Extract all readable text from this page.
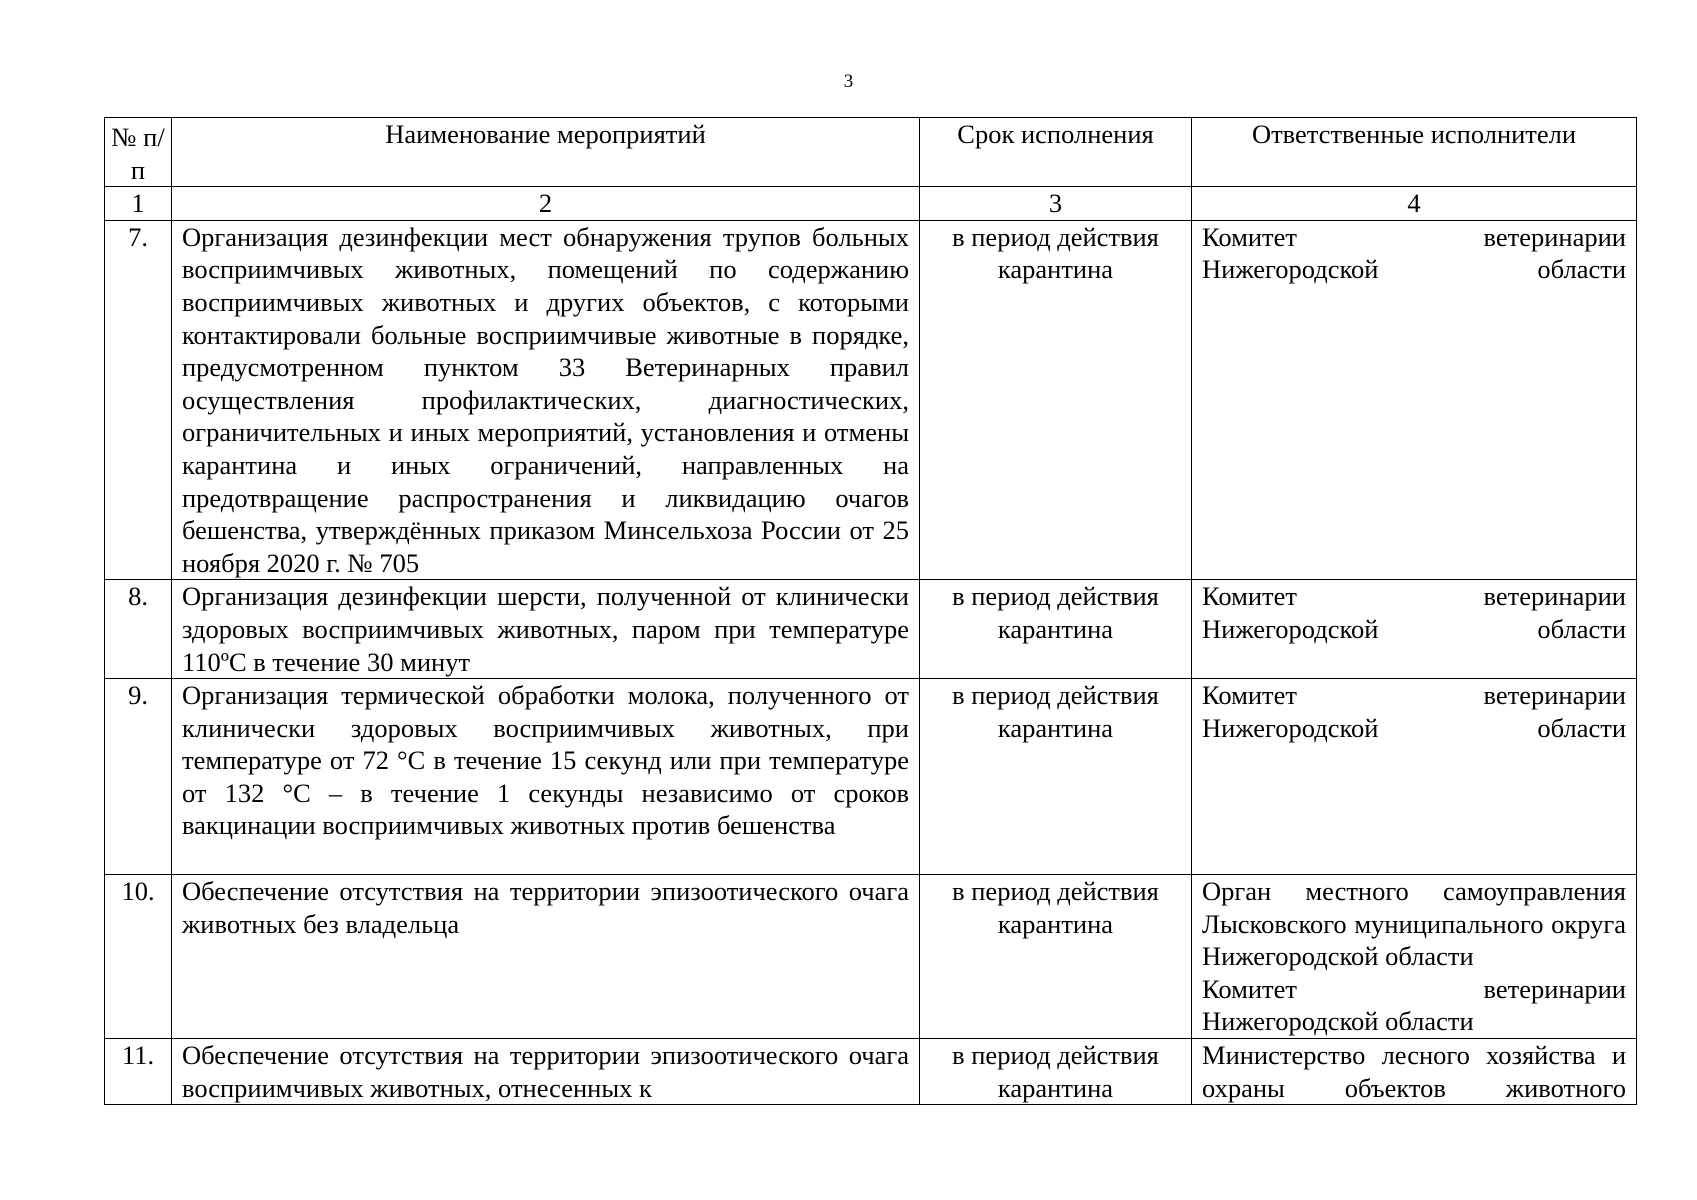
3
№ п/п	Наименование мероприятий	Срок исполнения	Ответственные исполнители
1	2	3	4
7.	Организация дезинфекции мест обнаружения трупов больных восприимчивых животных, помещений по содержанию восприимчивых животных и других объектов, с которыми контактировали больные восприимчивые животные в порядке, предусмотренном пунктом 33 Ветеринарных правил осуществления профилактических, диагностических, ограничительных и иных мероприятий, установления и отмены карантина и иных ограничений, направленных на предотвращение распространения и ликвидацию очагов бешенства, утверждённых приказом Минсельхоза России от 25 ноября 2020 г. № 705	в период действия карантина	Комитет ветеринарии Нижегородской области

8.	Организация дезинфекции шерсти, полученной от клинически здоровых восприимчивых животных, паром при температуре 110ºС в течение 30 минут	в период действия карантина	Комитет ветеринарии Нижегородской области

9.	Организация термической обработки молока, полученного от клинически здоровых восприимчивых животных, при температуре от 72 °С в течение 15 секунд или при температуре от 132 °С – в течение 1 секунды независимо от сроков вакцинации восприимчивых животных против бешенства	в период действия карантина	Комитет ветеринарии Нижегородской области

10.	Обеспечение отсутствия на территории эпизоотического очага животных без владельца	в период действия карантина	Орган местного самоуправления Лысковского муниципального округа Нижегородской области
Комитет ветеринарии Нижегородской области

11.	Обеспечение отсутствия на территории эпизоотического очага восприимчивых животных, отнесенных к	в период действия карантина	Министерство лесного хозяйства и охраны объектов животного
